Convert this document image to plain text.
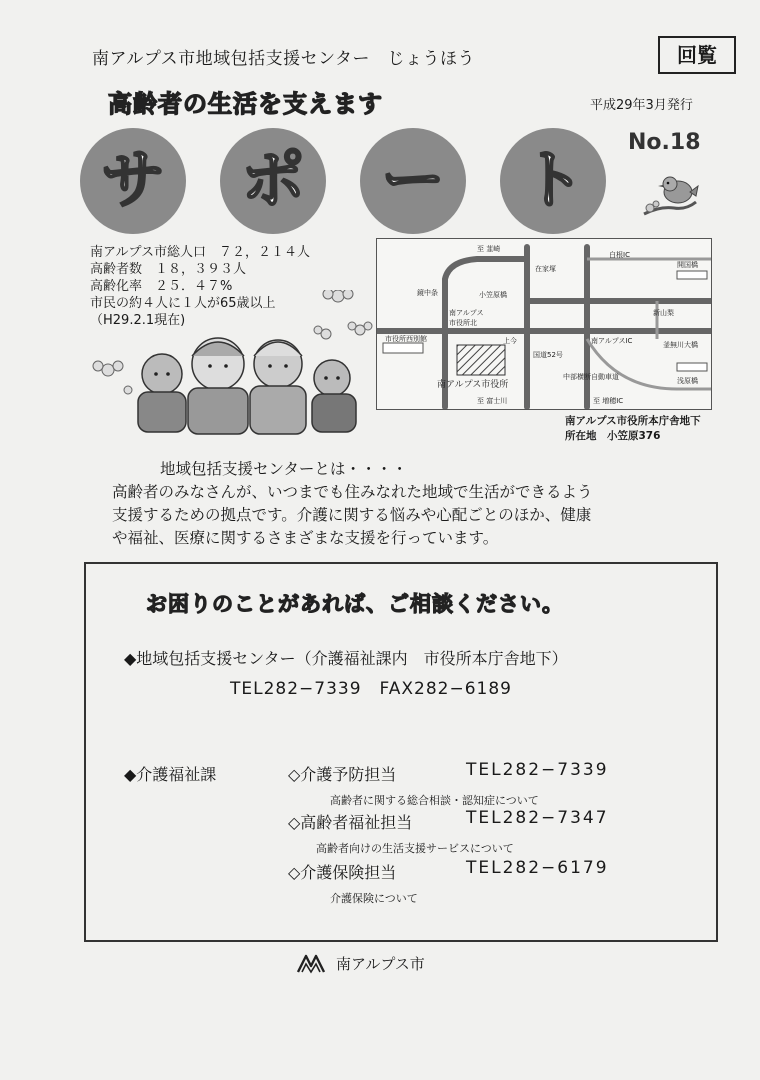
南アルプス市地域包括支援センター　じょうほう	回覧
高齢者の生活を支えます	平成29年3月発行
サ ポ ー ト
No.18
南アルプス市総人口　７２，２１４人
高齢者数　１８，３９３人
高齢化率　２５．４７%
市民の約４人に１人が65歳以上
（H29.2.1現在)
至 韮崎
白根IC
在家塚	開国橋
小笠原橋
鏡中条
南アルプス
市役所北
新山梨
南アルプスIC	釜無川大橋
市役所西別館	上今
国道52号
中部横断自動車道
南アルプス市役所
至 富士川	至 増穂IC
浅原橋
南アルプス市役所本庁舎地下
所在地　小笠原376
地域包括支援センターとは・・・・
高齢者のみなさんが、いつまでも住みなれた地域で生活ができるよう
支援するための拠点です。介護に関する悩みや心配ごとのほか、健康
や福祉、医療に関するさまざまな支援を行っています。
お困りのことがあれば、ご相談ください。
◆地域包括支援センター（介護福祉課内　市役所本庁舎地下）
TEL282−7339　FAX282−6189
◆介護福祉課	◇介護予防担当	TEL282−7339
高齢者に関する総合相談・認知症について
◇高齢者福祉担当	TEL282−7347
高齢者向けの生活支援サービスについて
◇介護保険担当	TEL282−6179
介護保険について
南アルプス市
